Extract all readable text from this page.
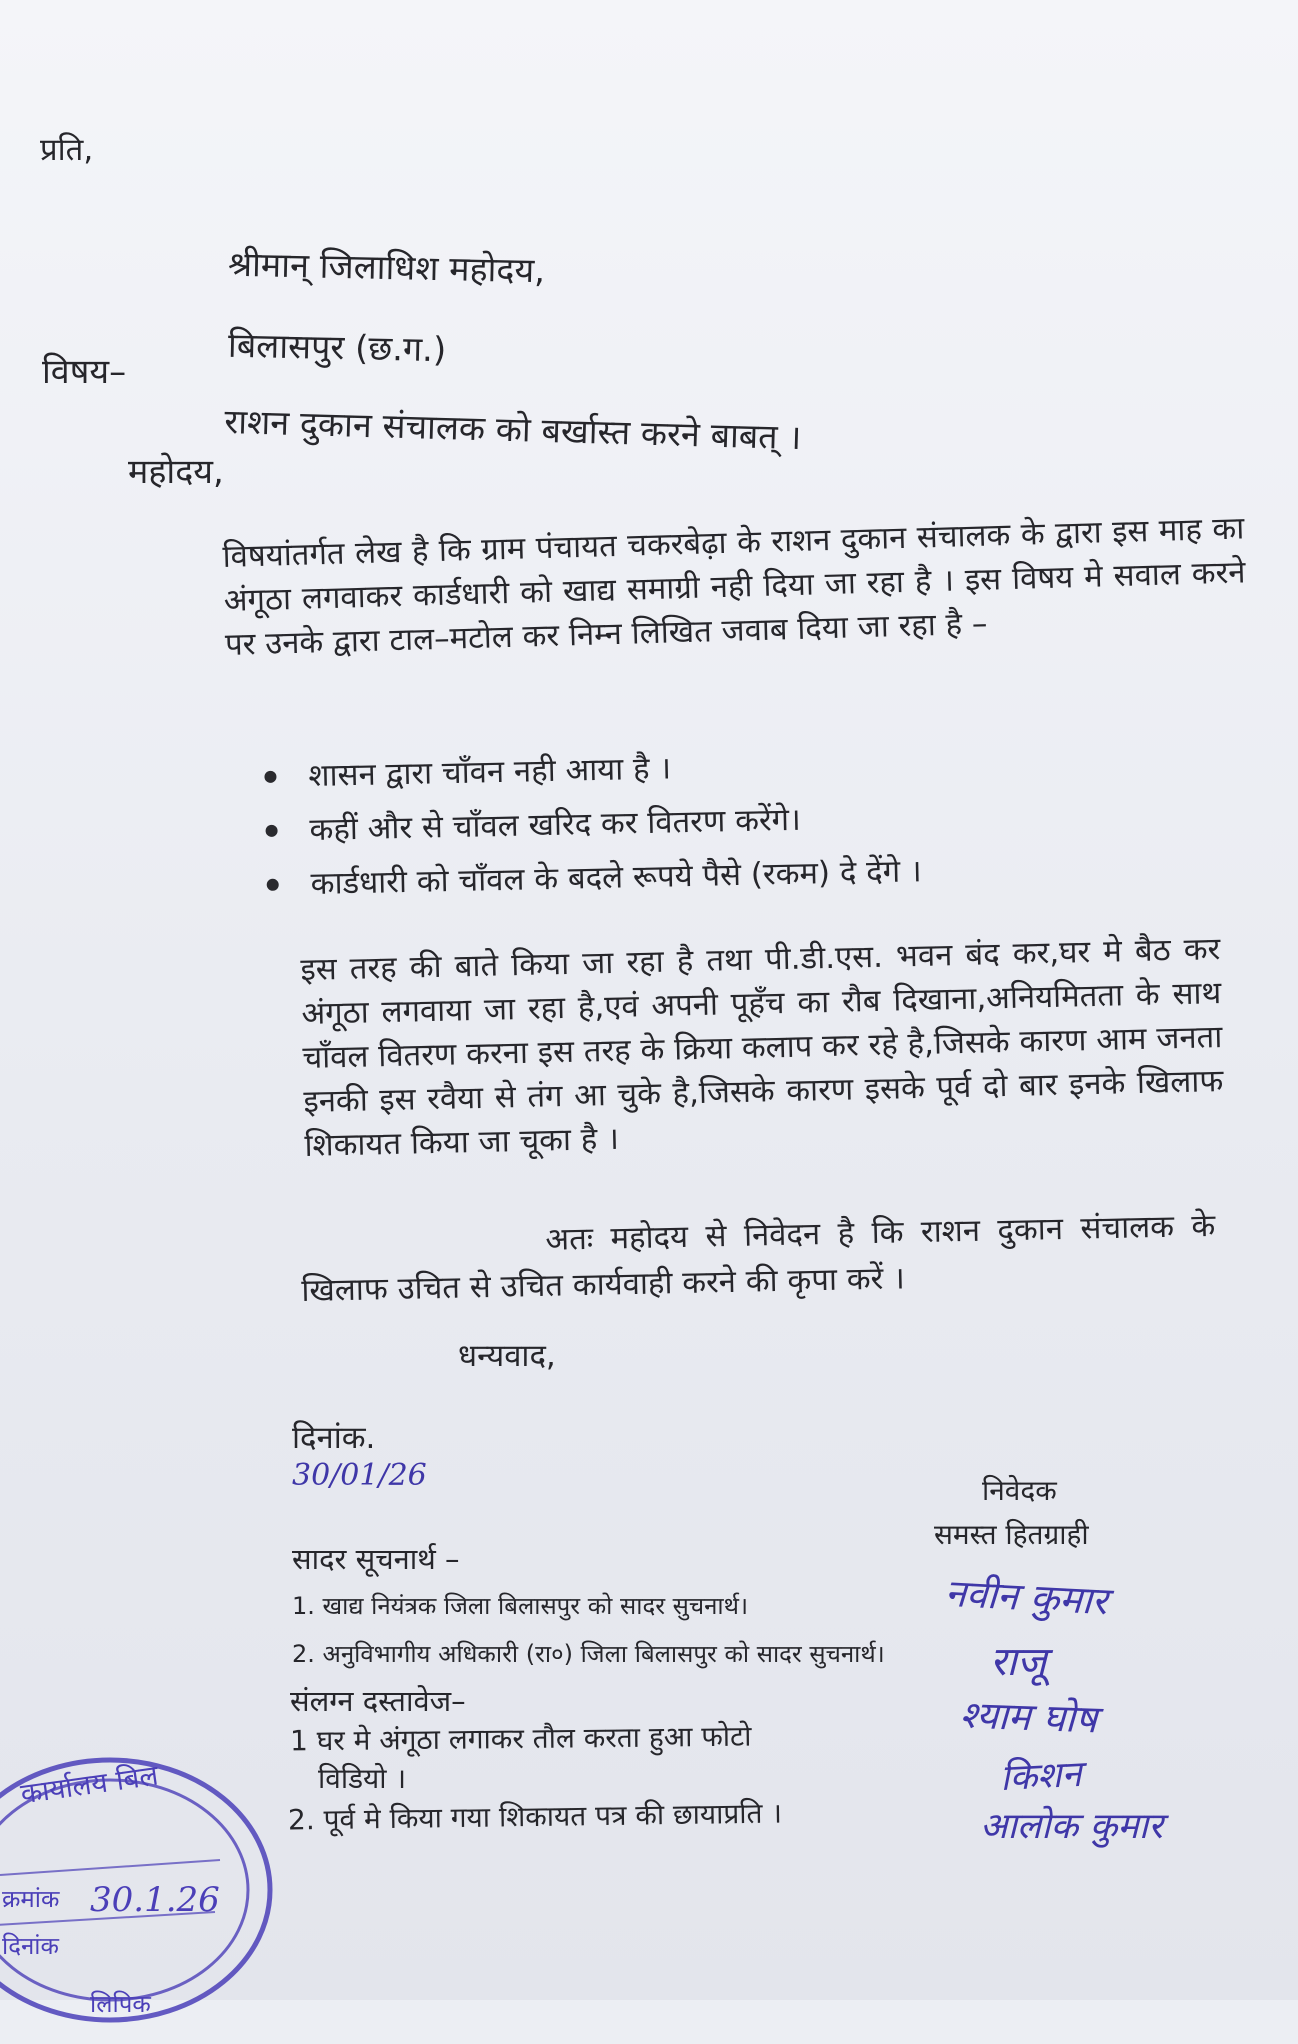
प्रति,
श्रीमान् जिलाधिश महोदय,
बिलासपुर (छ.ग.)
विषय–
राशन दुकान संचालक को बर्खास्त करने बाबत् ।
महोदय,
विषयांतर्गत लेख है कि ग्राम पंचायत चकरबेढ़ा के राशन दुकान संचालक के द्वारा इस माह का अंगूठा लगवाकर कार्डधारी को खाद्य समाग्री नही दिया जा रहा है । इस विषय मे सवाल करने पर उनके द्वारा टाल–मटोल कर निम्न लिखित जवाब दिया जा रहा है –
शासन द्वारा चाँवन नही आया है ।
कहीं और से चाँवल खरिद कर वितरण करेंगे।
कार्डधारी को चाँवल के बदले रूपये पैसे (रकम) दे देंगे ।
इस तरह की बाते किया जा रहा है तथा पी.डी.एस. भवन बंद कर,घर मे बैठ कर अंगूठा लगवाया जा रहा है,एवं अपनी पूहँच का रौब दिखाना,अनियमितता के साथ चाँवल वितरण करना इस तरह के क्रिया कलाप कर रहे है,जिसके कारण आम जनता इनकी इस रवैया से तंग आ चुके है,जिसके कारण इसके पूर्व दो बार इनके खिलाफ शिकायत किया जा चूका है ।
अतः महोदय से निवेदन है कि राशन दुकान संचालक के खिलाफ उचित से उचित कार्यवाही करने की कृपा करें ।
धन्यवाद,
दिनांक.
30/01/26	निवेदक
समस्त हितग्राही
सादर सूचनार्थ –
1. खाद्य नियंत्रक जिला बिलासपुर को सादर सुचनार्थ।
2. अनुविभागीय अधिकारी (रा०) जिला बिलासपुर को सादर सुचनार्थ।
संलग्न दस्तावेज–
1 घर मे अंगूठा लगाकर तौल करता हुआ फोटो
विडियो ।
2. पूर्व मे किया गया शिकायत पत्र की छायाप्रति ।
नवीन कुमार
राजू
श्याम घोष
किशन
आलोक कुमार
कार्यालय बिल
क्रमांक
दिनांक
30.1.26
लिपिक
